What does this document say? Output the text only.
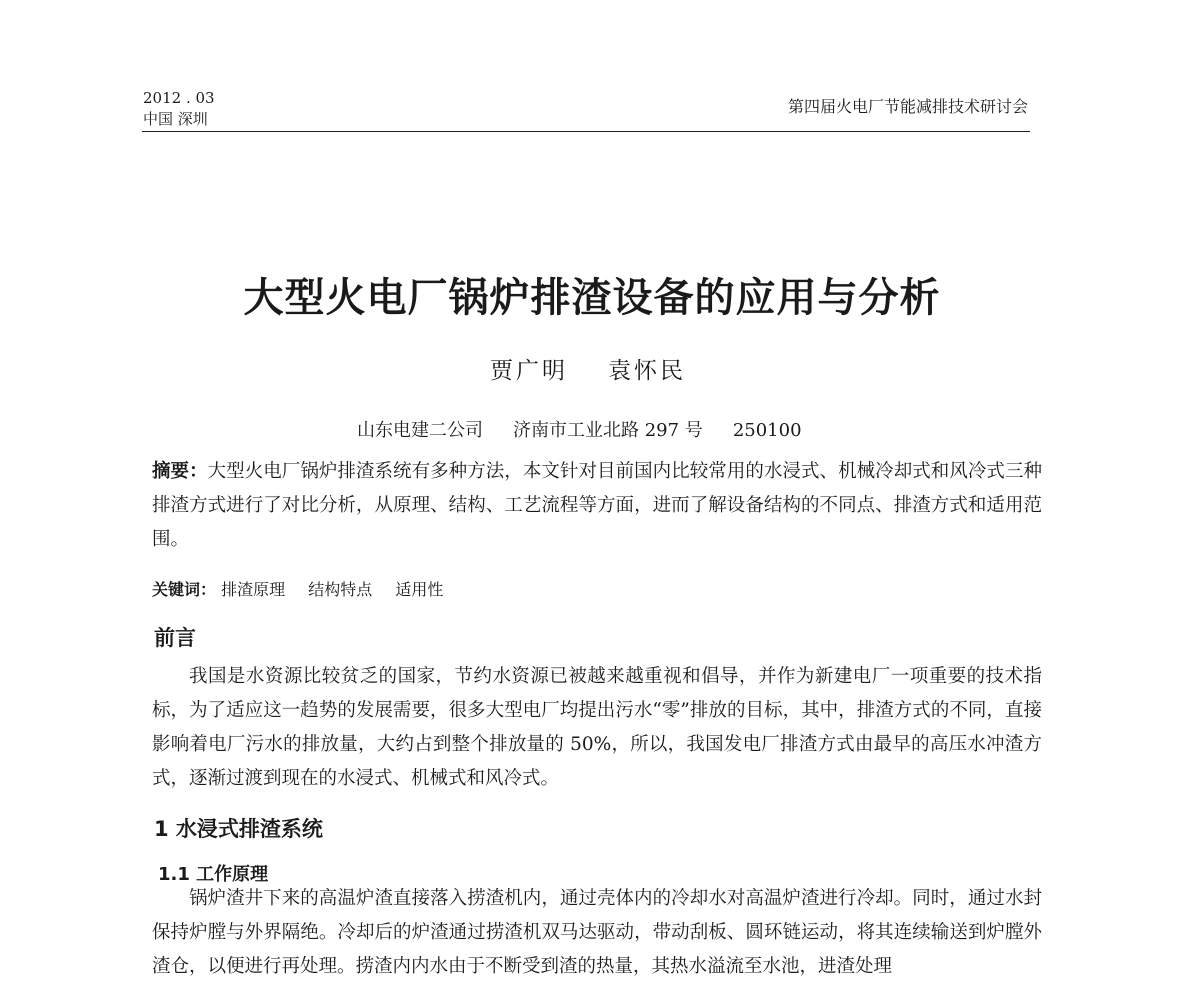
2012 . 03
中国 深圳
第四届火电厂节能减排技术研讨会
大型火电厂锅炉排渣设备的应用与分析
贾广明 袁怀民
山东电建二公司 济南市工业北路 297 号 250100
摘要：大型火电厂锅炉排渣系统有多种方法，本文针对目前国内比较常用的水浸式、机械冷却式和风冷式三种排渣方式进行了对比分析，从原理、结构、工艺流程等方面，进而了解设备结构的不同点、排渣方式和适用范围。
关键词： 排渣原理 结构特点 适用性
前言
我国是水资源比较贫乏的国家，节约水资源已被越来越重视和倡导，并作为新建电厂一项重要的技术指标，为了适应这一趋势的发展需要，很多大型电厂均提出污水“零”排放的目标，其中，排渣方式的不同，直接影响着电厂污水的排放量，大约占到整个排放量的 50%，所以，我国发电厂排渣方式由最早的高压水冲渣方式，逐渐过渡到现在的水浸式、机械式和风冷式。
1 水浸式排渣系统
1.1 工作原理
锅炉渣井下来的高温炉渣直接落入捞渣机内，通过壳体内的冷却水对高温炉渣进行冷却。同时，通过水封保持炉膛与外界隔绝。冷却后的炉渣通过捞渣机双马达驱动，带动刮板、圆环链运动，将其连续输送到炉膛外渣仓，以便进行再处理。捞渣内内水由于不断受到渣的热量，其热水溢流至水池，进渣处理
